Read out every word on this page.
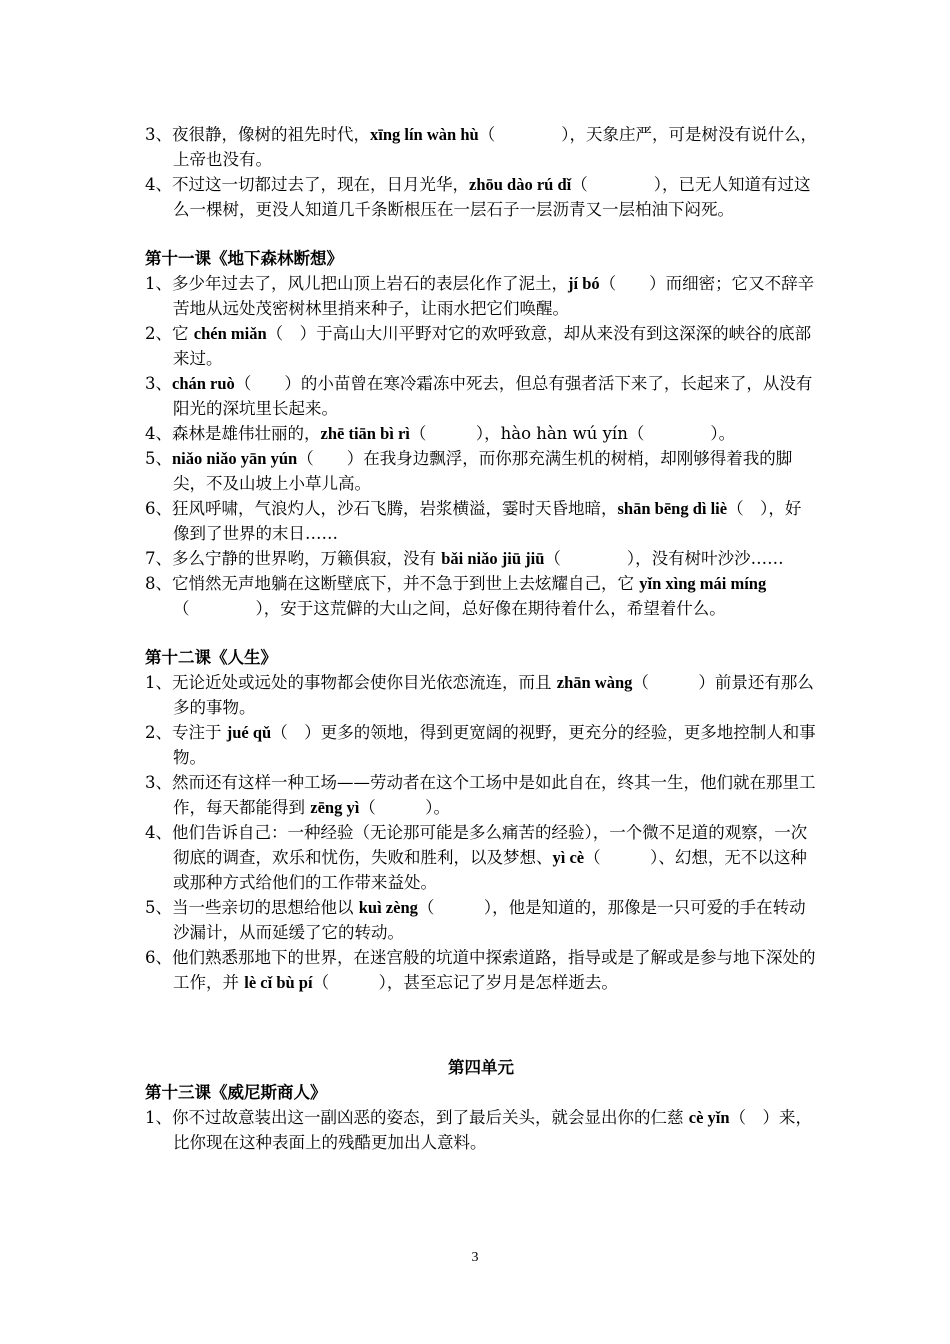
3、夜很静，像树的祖先时代，xīng lín wàn hù（　　　　），天象庄严，可是树没有说什么，上帝也没有。
4、不过这一切都过去了，现在，日月光华，zhōu dào rú dǐ（　　　　），已无人知道有过这么一棵树，更没人知道几千条断根压在一层石子一层沥青又一层柏油下闷死。
第十一课《地下森林断想》
1、多少年过去了，风儿把山顶上岩石的表层化作了泥土，jí bó（　　）而细密；它又不辞辛苦地从远处茂密树林里捎来种子，让雨水把它们唤醒。
2、它 chén miǎn（　）于高山大川平野对它的欢呼致意，却从来没有到这深深的峡谷的底部来过。
3、chán ruò（　　）的小苗曾在寒冷霜冻中死去，但总有强者活下来了，长起来了，从没有阳光的深坑里长起来。
4、森林是雄伟壮丽的，zhē tiān bì rì（　　　），hào hàn wú yín（　　　　）。
5、niǎo niǎo yān yún（　　）在我身边飘浮，而你那充满生机的树梢，却刚够得着我的脚尖，不及山坡上小草儿高。
6、狂风呼啸，气浪灼人，沙石飞腾，岩浆横溢，霎时天昏地暗，shān bēng dì liè（　），好像到了世界的末日……
7、多么宁静的世界哟，万籁俱寂，没有 bǎi niǎo jiū jiū（　　　　），没有树叶沙沙……
8、它悄然无声地躺在这断壁底下，并不急于到世上去炫耀自己，它 yǐn xìng mái míng（　　　　），安于这荒僻的大山之间，总好像在期待着什么，希望着什么。
第十二课《人生》
1、无论近处或远处的事物都会使你目光依恋流连，而且 zhān wàng（　　　）前景还有那么多的事物。
2、专注于 jué qǔ（　）更多的领地，得到更宽阔的视野，更充分的经验，更多地控制人和事物。
3、然而还有这样一种工场——劳动者在这个工场中是如此自在，终其一生，他们就在那里工作，每天都能得到 zēng yì（　　　）。
4、他们告诉自己：一种经验（无论那可能是多么痛苦的经验），一个微不足道的观察，一次彻底的调查，欢乐和忧伤，失败和胜利，以及梦想、yì cè（　　　）、幻想，无不以这种或那种方式给他们的工作带来益处。
5、当一些亲切的思想给他以 kuì zèng（　　　），他是知道的，那像是一只可爱的手在转动沙漏计，从而延缓了它的转动。
6、他们熟悉那地下的世界，在迷宫般的坑道中探索道路，指导或是了解或是参与地下深处的工作，并 lè cǐ bù pí（　　　），甚至忘记了岁月是怎样逝去。
第四单元
第十三课《威尼斯商人》
1、你不过故意装出这一副凶恶的姿态，到了最后关头，就会显出你的仁慈 cè yǐn（　）来，比你现在这种表面上的残酷更加出人意料。
3
